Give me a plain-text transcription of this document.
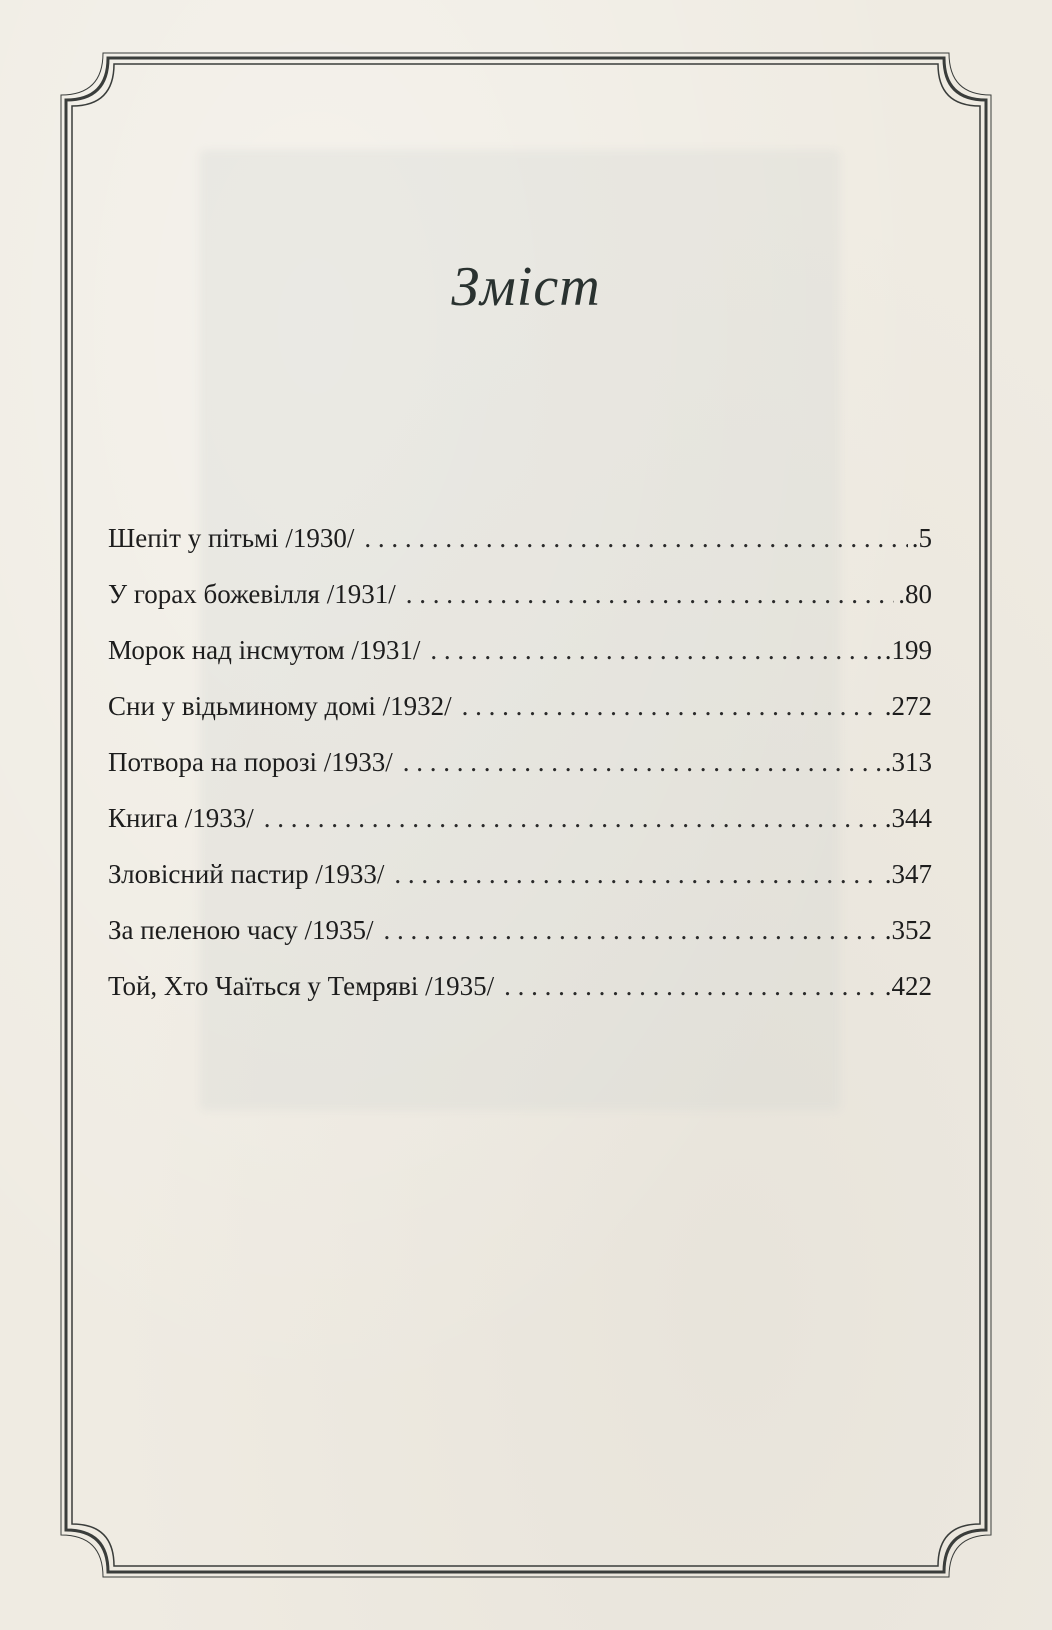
Зміст
Шепіт у пітьмі /1930/ . . .	.5
У горах божевілля /1931/ . . .	.80
Морок над інсмутом /1931/ . . .	.199
Сни у відьминому домі /1932/ . . .	.272
Потвора на порозі /1933/ . . .	.313
Книга /1933/ . . .	.344
Зловісний пастир /1933/ . . .	.347
За пеленою часу /1935/ . . .	.352
Той, Хто Чаїться у Темряві /1935/ . . .	.422
